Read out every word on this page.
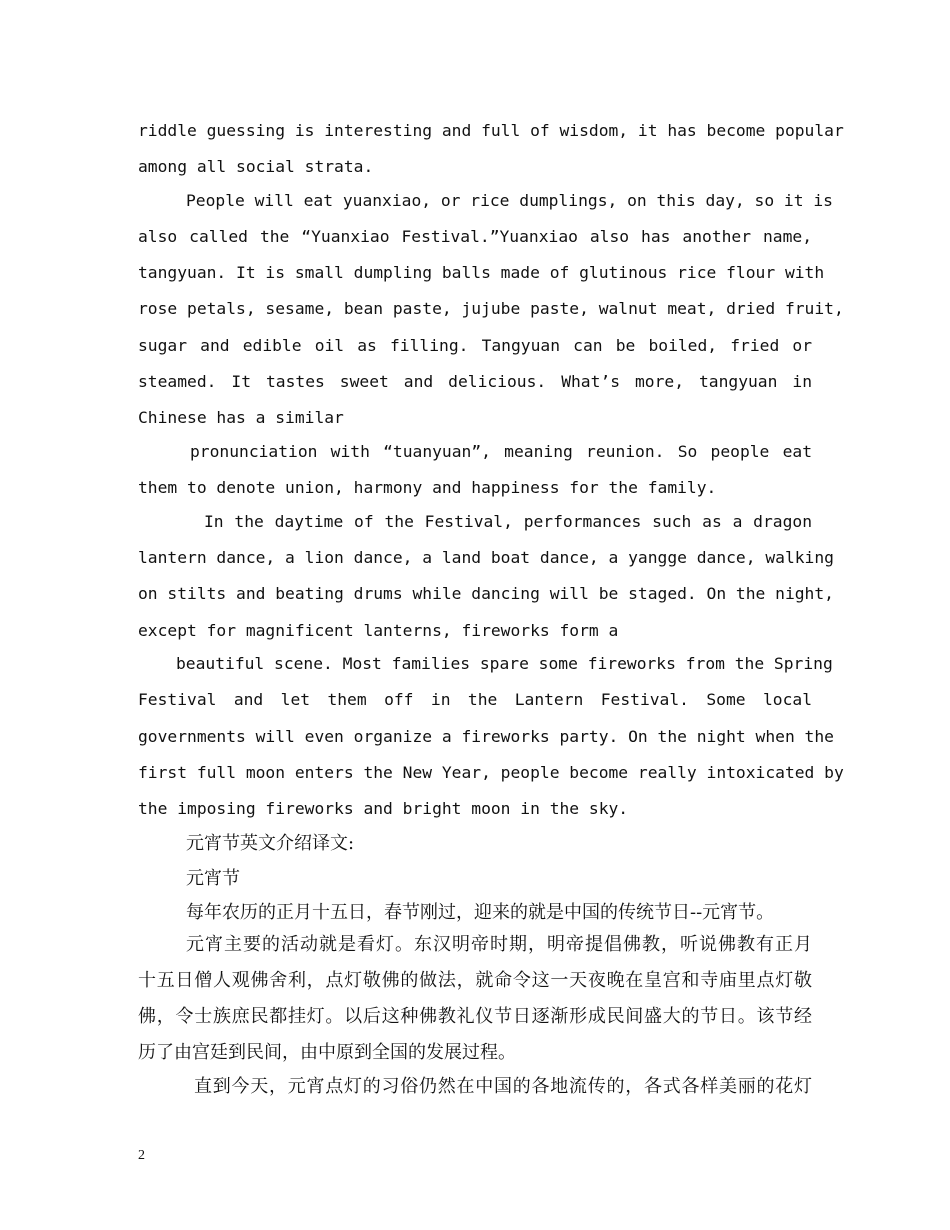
riddle guessing is interesting and full of wisdom, it has become popular
among all social strata.
People will eat yuanxiao, or rice dumplings, on this day, so it is
also called the “Yuanxiao Festival.”Yuanxiao also has another name,
tangyuan. It is small dumpling balls made of glutinous rice flour with
rose petals, sesame, bean paste, jujube paste, walnut meat, dried fruit,
sugar and edible oil as filling. Tangyuan can be boiled, fried or
steamed. It tastes sweet and delicious. What’s more, tangyuan in
Chinese has a similar
pronunciation with “tuanyuan”, meaning reunion. So people eat
them to denote union, harmony and happiness for the family.
In the daytime of the Festival, performances such as a dragon
lantern dance, a lion dance, a land boat dance, a yangge dance, walking
on stilts and beating drums while dancing will be staged. On the night,
except for magnificent lanterns, fireworks form a
beautiful scene. Most families spare some fireworks from the Spring
Festival and let them off in the Lantern Festival. Some local
governments will even organize a fireworks party. On the night when the
first full moon enters the New Year, people become really intoxicated by
the imposing fireworks and bright moon in the sky.
元宵节英文介绍译文:
元宵节
每年农历的正月十五日，春节刚过，迎来的就是中国的传统节日--元宵节。
元宵主要的活动就是看灯。东汉明帝时期，明帝提倡佛教，听说佛教有正月
十五日僧人观佛舍利，点灯敬佛的做法，就命令这一天夜晚在皇宫和寺庙里点灯敬
佛，令士族庶民都挂灯。以后这种佛教礼仪节日逐渐形成民间盛大的节日。该节经
历了由宫廷到民间，由中原到全国的发展过程。
直到今天，元宵点灯的习俗仍然在中国的各地流传的，各式各样美丽的花灯
2
